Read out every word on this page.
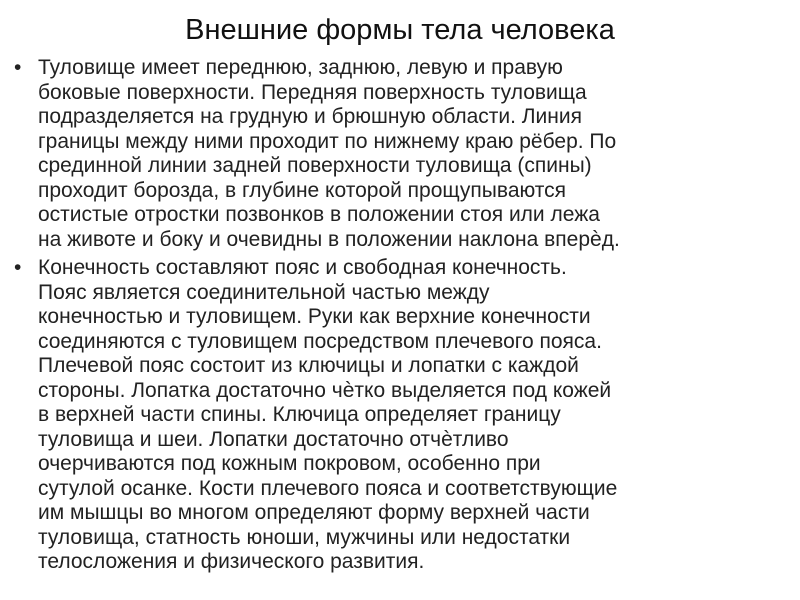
Внешние формы тела человека
• Туловище имеет переднюю, заднюю, левую и правую
боковые поверхности. Передняя поверхность туловища
подразделяется на грудную и брюшную области. Линия
границы между ними проходит по нижнему краю рёбер. По
срединной линии задней поверхности туловища (спины)
проходит борозда, в глубине которой прощупываются
остистые отростки позвонков в положении стоя или лежа
на животе и боку и очевидны в положении наклона вперѐд.
• Конечность составляют пояс и свободная конечность.
Пояс является соединительной частью между
конечностью и туловищем. Руки как верхние конечности
соединяются с туловищем посредством плечевого пояса.
Плечевой пояс состоит из ключицы и лопатки с каждой
стороны. Лопатка достаточно чѐтко выделяется под кожей
в верхней части спины. Ключица определяет границу
туловища и шеи. Лопатки достаточно отчѐтливо
очерчиваются под кожным покровом, особенно при
сутулой осанке. Кости плечевого пояса и соответствующие
им мышцы во многом определяют форму верхней части
туловища, статность юноши, мужчины или недостатки
телосложения и физического развития.
